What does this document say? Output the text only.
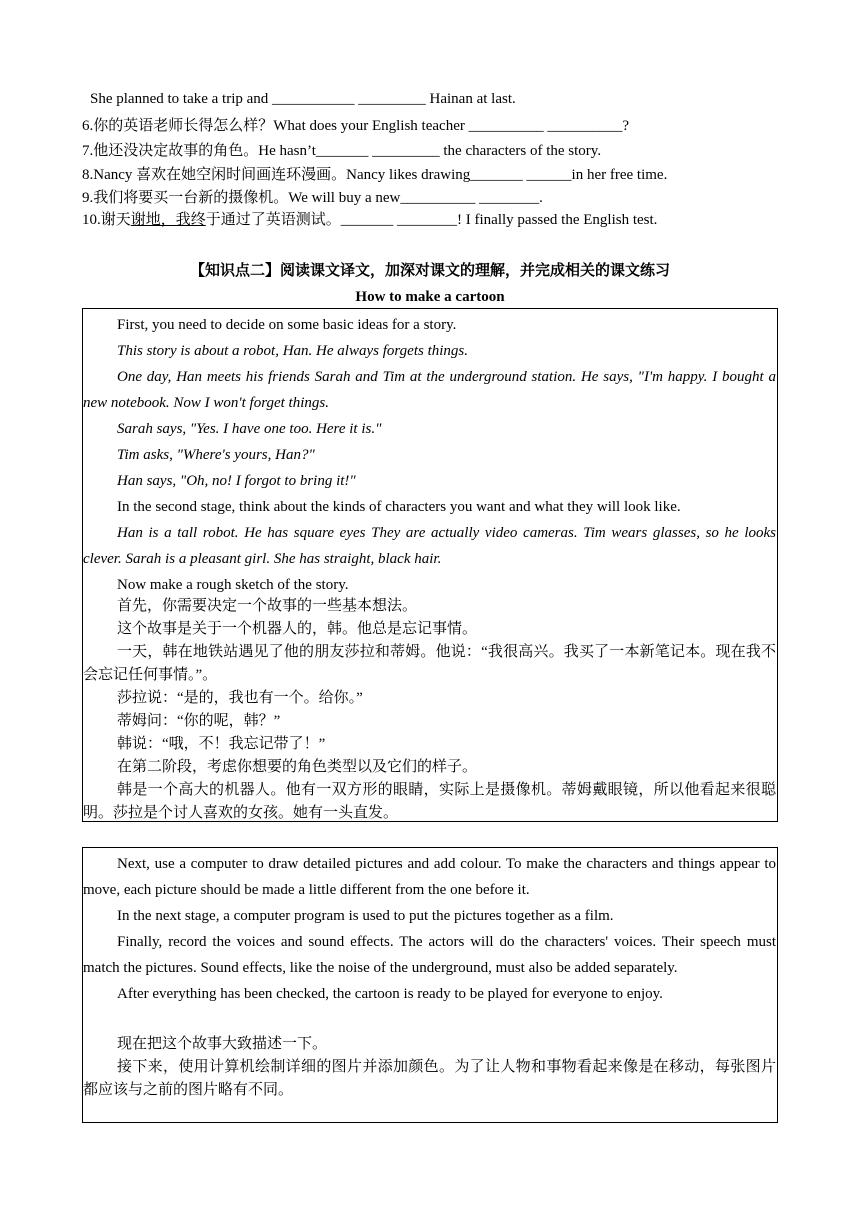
She planned to take a trip and ___________ _________ Hainan at last.
6.你的英语老师长得怎么样？What does your English teacher __________ __________?
7.他还没决定故事的角色。He hasn’t_______ _________ the characters of the story.
8.Nancy 喜欢在她空闲时间画连环漫画。Nancy likes drawing_______ ______in her free time.
9.我们将要买一台新的摄像机。We will buy a new__________ ________.
10.谢天谢地，我终于通过了英语测试。_______ ________! I finally passed the English test.
【知识点二】阅读课文译文，加深对课文的理解，并完成相关的课文练习
How to make a cartoon

First, you need to decide on some basic ideas for a story.

This story is about a robot, Han. He always forgets things.

One day, Han meets his friends Sarah and Tim at the underground station. He says, "I'm happy. I bought a new notebook. Now I won't forget things.

Sarah says, "Yes. I have one too. Here it is."

Tim asks, "Where's yours, Han?"

Han says, "Oh, no! I forgot to bring it!"

In the second stage, think about the kinds of characters you want and what they will look like.

Han is a tall robot. He has square eyes They are actually video cameras. Tim wears glasses, so he looks clever. Sarah is a pleasant girl. She has straight, black hair.

Now make a rough sketch of the story.

首先，你需要决定一个故事的一些基本想法。

这个故事是关于一个机器人的，韩。他总是忘记事情。

一天，韩在地铁站遇见了他的朋友莎拉和蒂姆。他说：“我很高兴。我买了一本新笔记本。现在我不会忘记任何事情。”。

莎拉说：“是的，我也有一个。给你。”

蒂姆问：“你的呢，韩？”

韩说：“哦，不！我忘记带了！”

在第二阶段，考虑你想要的角色类型以及它们的样子。

韩是一个高大的机器人。他有一双方形的眼睛，实际上是摄像机。蒂姆戴眼镜，所以他看起来很聪明。莎拉是个讨人喜欢的女孩。她有一头直发。

Next, use a computer to draw detailed pictures and add colour. To make the characters and things appear to move, each picture should be made a little different from the one before it.

In the next stage, a computer program is used to put the pictures together as a film.

Finally, record the voices and sound effects. The actors will do the characters' voices. Their speech must match the pictures. Sound effects, like the noise of the underground, must also be added separately.

After everything has been checked, the cartoon is ready to be played for everyone to enjoy.

现在把这个故事大致描述一下。

接下来，使用计算机绘制详细的图片并添加颜色。为了让人物和事物看起来像是在移动，每张图片都应该与之前的图片略有不同。
